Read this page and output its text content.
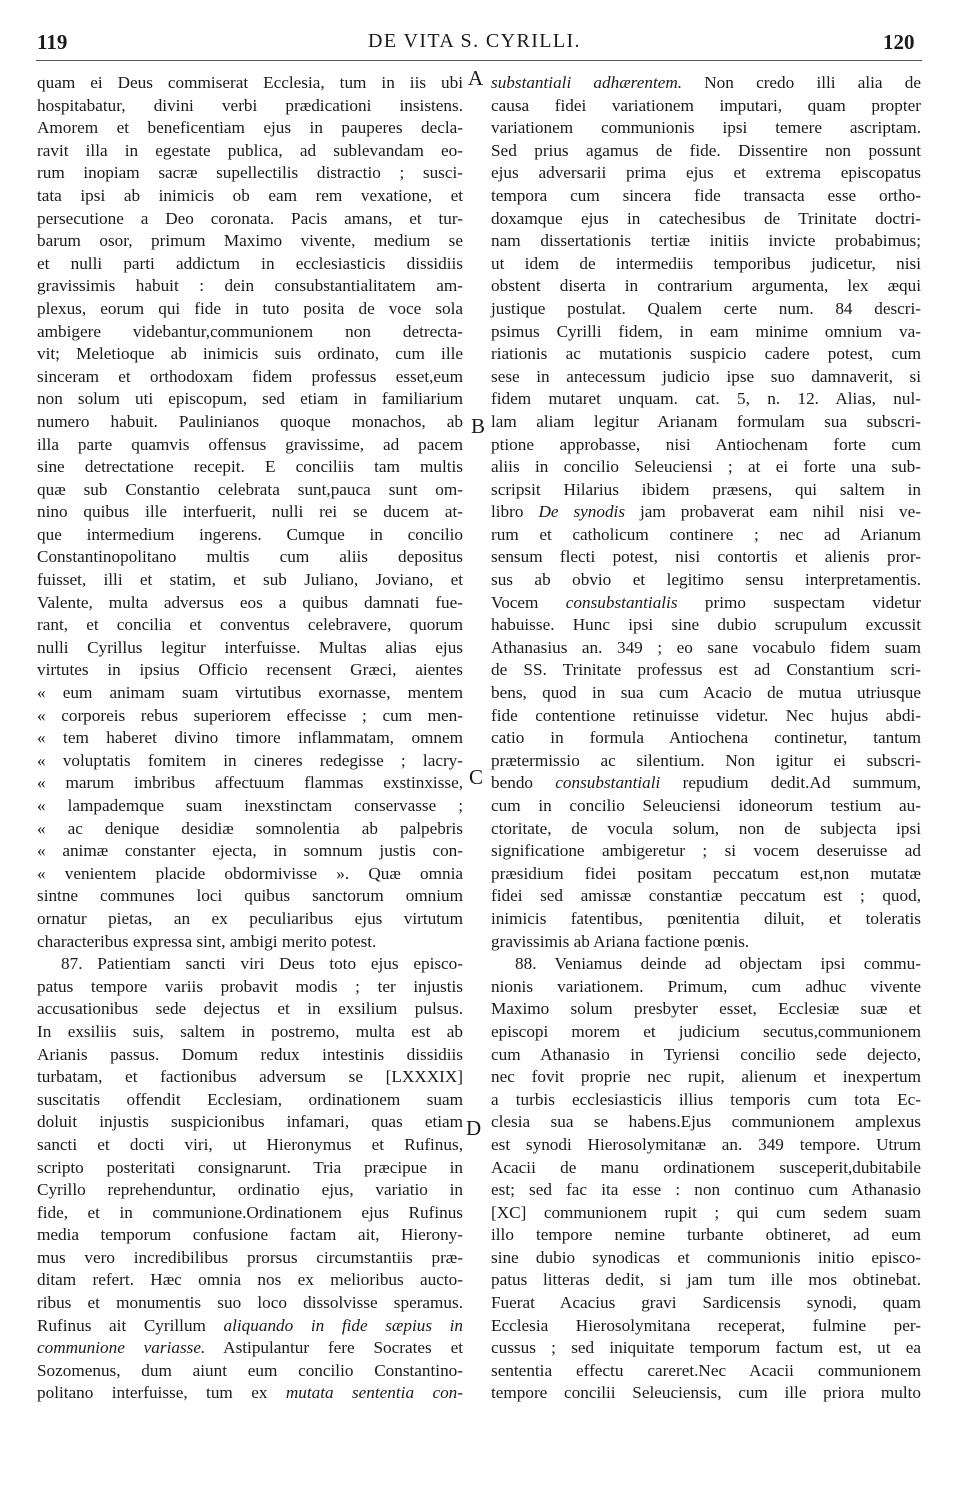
119	DE VITA S. CYRILLI.	120
quam ei Deus commiserat Ecclesia, tum in iis ubi
hospitabatur, divini verbi prædicationi insistens.
Amorem et beneficentiam ejus in pauperes decla-
ravit illa in egestate publica, ad sublevandam eo-
rum inopiam sacræ supellectilis distractio ; susci-
tata ipsi ab inimicis ob eam rem vexatione, et
persecutione a Deo coronata. Pacis amans, et tur-
barum osor, primum Maximo vivente, medium se
et nulli parti addictum in ecclesiasticis dissidiis
gravissimis habuit : dein consubstantialitatem am-
plexus, eorum qui fide in tuto posita de voce sola
ambigere videbantur,communionem non detrecta-
vit; Meletioque ab inimicis suis ordinato, cum ille
sinceram et orthodoxam fidem professus esset,eum
non solum uti episcopum, sed etiam in familiarium
numero habuit. Paulinianos quoque monachos, ab
illa parte quamvis offensus gravissime, ad pacem
sine detrectatione recepit. E conciliis tam multis
quæ sub Constantio celebrata sunt,pauca sunt om-
nino quibus ille interfuerit, nulli rei se ducem at-
que intermedium ingerens. Cumque in concilio
Constantinopolitano multis cum aliis depositus
fuisset, illi et statim, et sub Juliano, Joviano, et
Valente, multa adversus eos a quibus damnati fue-
rant, et concilia et conventus celebravere, quorum
nulli Cyrillus legitur interfuisse. Multas alias ejus
virtutes in ipsius Officio recensent Græci, aientes
« eum animam suam virtutibus exornasse, mentem
« corporeis rebus superiorem effecisse ; cum men-
« tem haberet divino timore inflammatam, omnem
« voluptatis fomitem in cineres redegisse ; lacry-
« marum imbribus affectuum flammas exstinxisse,
« lampademque suam inexstinctam conservasse ;
« ac denique desidiæ somnolentia ab palpebris
« animæ constanter ejecta, in somnum justis con-
« venientem placide obdormivisse ». Quæ omnia
sintne communes loci quibus sanctorum omnium
ornatur pietas, an ex peculiaribus ejus virtutum
characteribus expressa sint, ambigi merito potest.
87. Patientiam sancti viri Deus toto ejus episco-
patus tempore variis probavit modis ; ter injustis
accusationibus sede dejectus et in exsilium pulsus.
In exsiliis suis, saltem in postremo, multa est ab
Arianis passus. Domum redux intestinis dissidiis
turbatam, et factionibus adversum se [LXXXIX]
suscitatis offendit Ecclesiam, ordinationem suam
doluit injustis suspicionibus infamari, quas etiam
sancti et docti viri, ut Hieronymus et Rufinus,
scripto posteritati consignarunt. Tria præcipue in
Cyrillo reprehenduntur, ordinatio ejus, variatio in
fide, et in communione.Ordinationem ejus Rufinus
media temporum confusione factam ait, Hierony-
mus vero incredibilibus prorsus circumstantiis præ-
ditam refert. Hæc omnia nos ex melioribus aucto-
ribus et monumentis suo loco dissolvisse speramus.
Rufinus ait Cyrillum aliquando in fide sæpius in
communione variasse. Astipulantur fere Socrates et
Sozomenus, dum aiunt eum concilio Constantino-
politano interfuisse, tum ex mutata sententia con-
substantiali adhærentem. Non credo illi alia de
causa fidei variationem imputari, quam propter
variationem communionis ipsi temere ascriptam.
Sed prius agamus de fide. Dissentire non possunt
ejus adversarii prima ejus et extrema episcopatus
tempora cum sincera fide transacta esse ortho-
doxamque ejus in catechesibus de Trinitate doctri-
nam dissertationis tertiæ initiis invicte probabimus;
ut idem de intermediis temporibus judicetur, nisi
obstent diserta in contrarium argumenta, lex æqui
justique postulat. Qualem certe num. 84 descri-
psimus Cyrilli fidem, in eam minime omnium va-
riationis ac mutationis suspicio cadere potest, cum
sese in antecessum judicio ipse suo damnaverit, si
fidem mutaret unquam. cat. 5, n. 12. Alias, nul-
lam aliam legitur Arianam formulam sua subscri-
ptione approbasse, nisi Antiochenam forte cum
aliis in concilio Seleuciensi ; at ei forte una sub-
scripsit Hilarius ibidem præsens, qui saltem in
libro De synodis jam probaverat eam nihil nisi ve-
rum et catholicum continere ; nec ad Arianum
sensum flecti potest, nisi contortis et alienis pror-
sus ab obvio et legitimo sensu interpretamentis.
Vocem consubstantialis primo suspectam videtur
habuisse. Hunc ipsi sine dubio scrupulum excussit
Athanasius an. 349 ; eo sane vocabulo fidem suam
de SS. Trinitate professus est ad Constantium scri-
bens, quod in sua cum Acacio de mutua utriusque
fide contentione retinuisse videtur. Nec hujus abdi-
catio in formula Antiochena continetur, tantum
prætermissio ac silentium. Non igitur ei subscri-
bendo consubstantiali repudium dedit.Ad summum,
cum in concilio Seleuciensi idoneorum testium au-
ctoritate, de vocula solum, non de subjecta ipsi
significatione ambigeretur ; si vocem deseruisse ad
præsidium fidei positam peccatum est,non mutatæ
fidei sed amissæ constantiæ peccatum est ; quod,
inimicis fatentibus, pœnitentia diluit, et toleratis
gravissimis ab Ariana factione pœnis.
88. Veniamus deinde ad objectam ipsi commu-
nionis variationem. Primum, cum adhuc vivente
Maximo solum presbyter esset, Ecclesiæ suæ et
episcopi morem et judicium secutus,communionem
cum Athanasio in Tyriensi concilio sede dejecto,
nec fovit proprie nec rupit, alienum et inexpertum
a turbis ecclesiasticis illius temporis cum tota Ec-
clesia sua se habens.Ejus communionem amplexus
est synodi Hierosolymitanæ an. 349 tempore. Utrum
Acacii de manu ordinationem susceperit,dubitabile
est; sed fac ita esse : non continuo cum Athanasio
[XC] communionem rupit ; qui cum sedem suam
illo tempore nemine turbante obtineret, ad eum
sine dubio synodicas et communionis initio episco-
patus litteras dedit, si jam tum ille mos obtinebat.
Fuerat Acacius gravi Sardicensis synodi, quam
Ecclesia Hierosolymitana receperat, fulmine per-
cussus ; sed iniquitate temporum factum est, ut ea
sententia effectu careret.Nec Acacii communionem
tempore concilii Seleuciensis, cum ille priora multo
A
B
C
D
